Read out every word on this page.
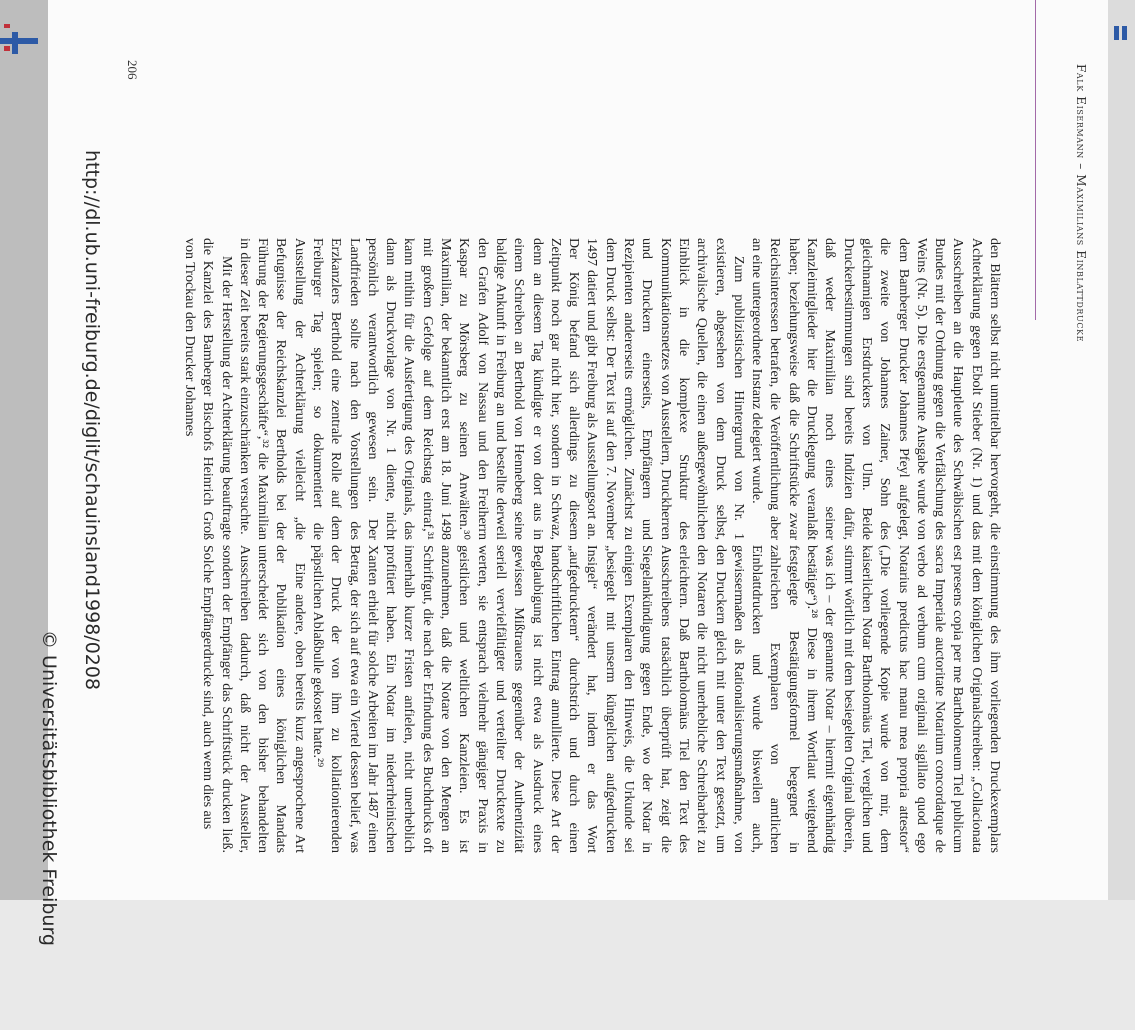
Falk Eisermann – Maximilians Einblattdrucke

den Blättern selbst nicht unmittelbar hervorgeht, die Achterklärung gegen Ebolt Stieber (Nr. 1) und das Ausschreiben an die Hauptleute des Schwäbischen Bundes mit der Ordnung gegen die Verfälschung des Weins (Nr. 5). Die erstgenannte Ausgabe wurde von dem Bamberger Drucker Johannes Pfeyl aufgelegt, die zweite von Johannes Zainer, Sohn des gleichnamigen Erstdruckers von Ulm. Beide Druckerbestimmungen sind bereits Indizien dafür, daß weder Maximilian noch eines seiner Kanzleimitglieder hier die Drucklegung veranlaßt haben; beziehungsweise daß die Schriftstücke zwar Reichsinteressen betrafen, die Veröffentlichung aber an eine untergeordnete Instanz delegiert wurde.

Zum publizistischen Hintergrund von Nr. 1 existieren, abgesehen von dem Druck selbst, archivalische Quellen, die einen außergewöhnlichen Einblick in die komplexe Struktur des Kommunikationsnetzes von Ausstellern, Druckherren und Druckern einerseits, Empfängern und Rezipienten andererseits ermöglichen. Zunächst zu dem Druck selbst: Der Text ist auf den 7. November 1497 datiert und gibt Freiburg als Ausstellungsort an. Der König befand sich allerdings zu diesem Zeitpunkt noch gar nicht hier, sondern in Schwaz, denn an diesem Tag kündigte er von dort aus in einem Schreiben an Berthold von Henneberg seine baldige Ankunft in Freiburg an und bestellte derweil den Grafen Adolf von Nassau und den Freiherrn Kaspar zu Mörsberg zu seinen Anwälten.³⁰ Maximilian, der bekanntlich erst am 18. Juni 1498 mit großem Gefolge auf dem Reichstag eintraf,³¹ kann mithin für die Ausfertigung des Originals, das dann als Druckvorlage von Nr. 1 diente, nicht persönlich verantwortlich gewesen sein. Der Landfrieden sollte nach den Vorstellungen des Erzkanzlers Berthold eine zentrale Rolle auf dem Freiburger Tag spielen; so dokumentiert die Ausstellung der Achterklärung vielleicht „die Befugnisse der Reichskanzlei Bertholds bei der Führung der Regierungsgeschäfte“,³² die Maximilian in dieser Zeit bereits stark einzuschränken versuchte.

Mit der Herstellung der Achterklärung beauftragte die Kanzlei des Bamberger Bischofs Heinrich Groß von Trockau den Drucker Johannes

einstimmung des ihm vorliegenden Druckexemplars mit dem königlichen Originalschreiben: „Collacionata est presens copia per me Bartholomeum Tiel publicum sacra Imperiale auctoritate Notarium concordatque de verbo ad verbum cum originali sigillato quod ego Notarius predictus hac manu mea propria attestor“ („Die vorliegende Kopie wurde von mir, dem kaiserlichen Notar Bartholomäus Tiel, verglichen und stimmt wörtlich mit dem besiegelten Original überein, was ich – der genannte Notar – hiermit eigenhändig bestätige“).²⁸ Diese in ihrem Wortlaut weitgehend festgelegte Bestätigungsformel begegnet in zahlreichen Exemplaren von amtlichen Einblattdrucken und wurde bisweilen auch, gewissermaßen als Rationalisierungsmaßnahme, von den Druckern gleich mit unter den Text gesetzt, um den Notaren die nicht unerhebliche Schreibarbeit zu erleichtern. Daß Bartholomäus Tiel den Text des Ausschreibens tatsächlich überprüft hat, zeigt die Siegelankündigung gegen Ende, wo der Notar in einigen Exemplaren den Hinweis, die Urkunde sei „besiegelt mit unserm küngelichen aufgedruckten Insigel“ verändert hat, indem er das Wort „aufgedrucktem“ durchstrich und durch einen handschriftlichen Eintrag annullierte. Diese Art der Beglaubigung ist nicht etwa als Ausdruck eines gewissen Mißtrauens gegenüber der Authentizität seriell vervielfältigter und verteilter Drucktexte zu werten, sie entsprach vielmehr gängiger Praxis in geistlichen und weltlichen Kanzleien. Es ist anzunehmen, daß die Notare von den Mengen an Schriftgut, die nach der Erfindung des Buchdrucks oft innerhalb kurzer Fristen anfielen, nicht unerheblich profitiert haben. Ein Notar im niederrheinischen Xanten erhielt für solche Arbeiten im Jahr 1487 einen Betrag, der sich auf etwa ein Viertel dessen belief, was der Druck der von ihm zu kollationierenden päpstlichen Ablaßbulle gekostet hatte.²⁹

Eine andere, oben bereits kurz angesprochene Art der Publikation eines königlichen Mandats unterscheidet sich von den bisher behandelten Ausschreiben dadurch, daß nicht der Aussteller, sondern der Empfänger das Schriftstück drucken ließ. Solche Empfängerdrucke sind, auch wenn dies aus

206
http://dl.ub.uni-freiburg.de/diglit/schauinsland1998/0208
© Universitätsbibliothek Freiburg
